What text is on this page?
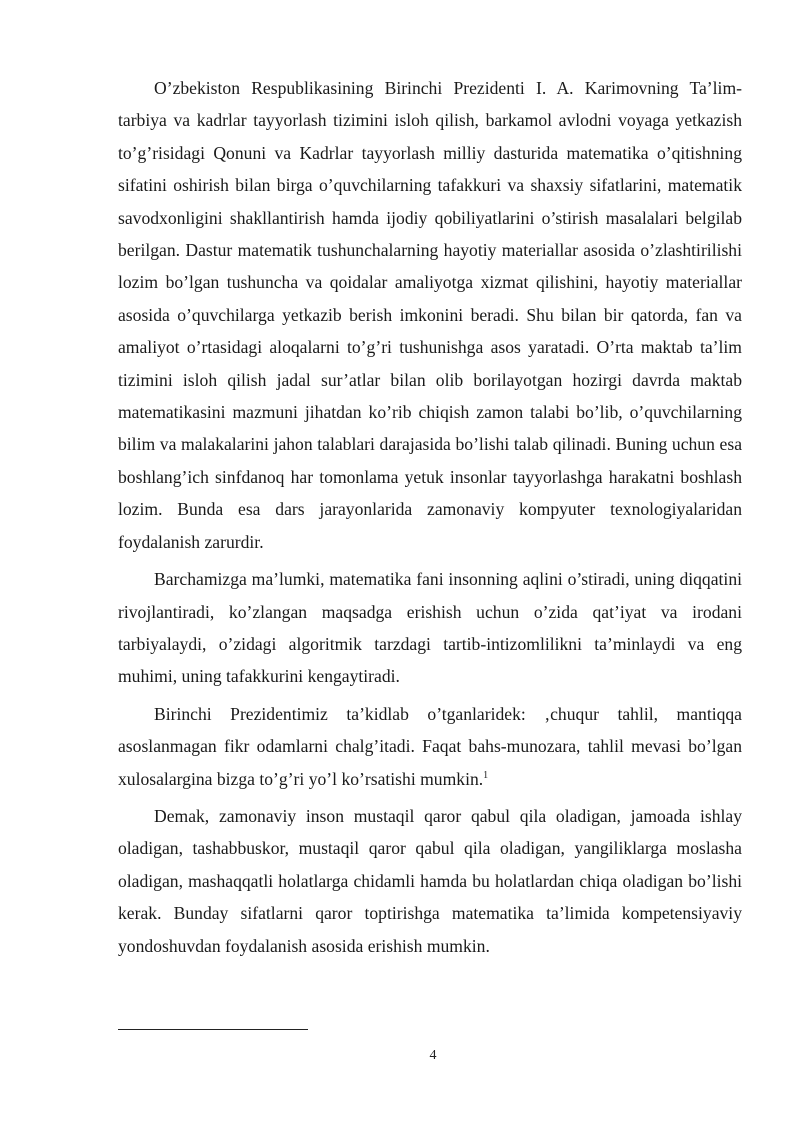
O’zbekiston Respublikasining Birinchi Prezidenti I. A. Karimovning Ta’lim-tarbiya va kadrlar tayyorlash tizimini isloh qilish, barkamol avlodni voyaga yetkazish to’g’risidagi Qonuni va Kadrlar tayyorlash milliy dasturida matematika o’qitishning sifatini oshirish bilan birga o’quvchilarning tafakkuri va shaxsiy sifatlarini, matematik savodxonligini shakllantirish hamda ijodiy qobiliyatlarini o’stirish masalalari belgilab berilgan. Dastur matematik tushunchalarning hayotiy materiallar asosida o’zlashtirilishi lozim bo’lgan tushuncha va qoidalar amaliyotga xizmat qilishini, hayotiy materiallar asosida o’quvchilarga yetkazib berish imkonini beradi. Shu bilan bir qatorda, fan va amaliyot o’rtasidagi aloqalarni to’g’ri tushunishga asos yaratadi. O’rta maktab ta’lim tizimini isloh qilish jadal sur’atlar bilan olib borilayotgan hozirgi davrda maktab matematikasini mazmuni jihatdan ko’rib chiqish zamon talabi bo’lib, o’quvchilarning bilim va malakalarini jahon talablari darajasida bo’lishi talab qilinadi. Buning uchun esa boshlang’ich sinfdanoq har tomonlama yetuk insonlar tayyorlashga harakatni boshlash lozim. Bunda esa dars jarayonlarida zamonaviy kompyuter texnologiyalaridan foydalanish zarurdir.

Barchamizga ma’lumki, matematika fani insonning aqlini o’stiradi, uning diqqatini rivojlantiradi, ko’zlangan maqsadga erishish uchun o’zida qat’iyat va irodani tarbiyalaydi, o’zidagi algoritmik tarzdagi tartib-intizomlilikni ta’minlaydi va eng muhimi, uning tafakkurini kengaytiradi.

Birinchi Prezidentimiz ta’kidlab o’tganlaridek: ‚chuqur tahlil, mantiqqa asoslanmagan fikr odamlarni chalg’itadi. Faqat bahs-munozara, tahlil mevasi bo’lgan xulosalargina bizga to’g’ri yo’l ko’rsatishi mumkin.$^1$

Demak, zamonaviy inson mustaqil qaror qabul qila oladigan, jamoada ishlay oladigan, tashabbuskor, mustaqil qaror qabul qila oladigan, yangiliklarga moslasha oladigan, mashaqqatli holatlarga chidamli hamda bu holatlardan chiqa oladigan bo’lishi kerak. Bunday sifatlarni qaror toptirishga matematika ta’limida kompetensiyaviy yondoshuvdan foydalanish asosida erishish mumkin.

4
